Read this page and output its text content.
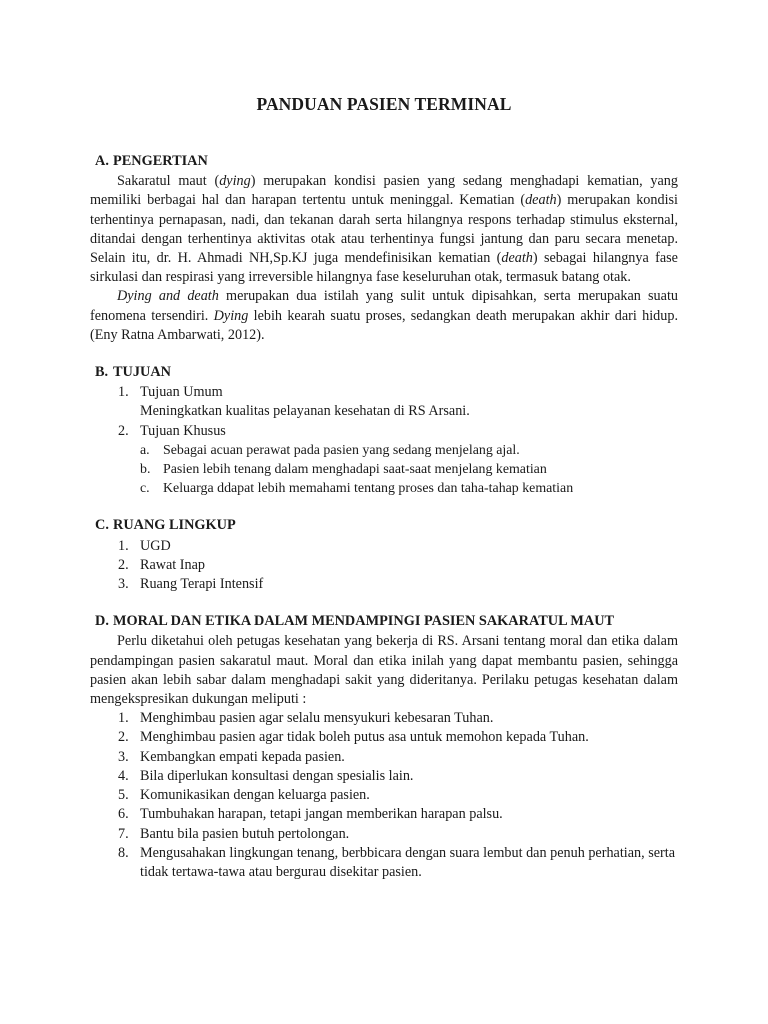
PANDUAN PASIEN TERMINAL
A. PENGERTIAN

Sakaratul maut (dying) merupakan kondisi pasien yang sedang menghadapi kematian, yang memiliki berbagai hal dan harapan tertentu untuk meninggal. Kematian (death) merupakan kondisi terhentinya pernapasan, nadi, dan tekanan darah serta hilangnya respons terhadap stimulus eksternal, ditandai dengan terhentinya aktivitas otak atau terhentinya fungsi jantung dan paru secara menetap. Selain itu, dr. H. Ahmadi NH,Sp.KJ juga mendefinisikan kematian (death) sebagai hilangnya fase sirkulasi dan respirasi yang irreversible hilangnya fase keseluruhan otak, termasuk batang otak.

Dying and death merupakan dua istilah yang sulit untuk dipisahkan, serta merupakan suatu fenomena tersendiri. Dying lebih kearah suatu proses, sedangkan death merupakan akhir dari hidup. (Eny Ratna Ambarwati, 2012).

B. TUJUAN
1. Tujuan Umum
Meningkatkan kualitas pelayanan kesehatan di RS Arsani.
2. Tujuan Khusus
a. Sebagai acuan perawat pada pasien yang sedang menjelang ajal.
b. Pasien lebih tenang dalam menghadapi saat-saat menjelang kematian
c. Keluarga ddapat lebih memahami tentang proses dan taha-tahap kematian
C. RUANG LINGKUP
1. UGD
2. Rawat Inap
3. Ruang Terapi Intensif
D. MORAL DAN ETIKA DALAM MENDAMPINGI PASIEN SAKARATUL MAUT

Perlu diketahui oleh petugas kesehatan yang bekerja di RS. Arsani tentang moral dan etika dalam pendampingan pasien sakaratul maut. Moral dan etika inilah yang dapat membantu pasien, sehingga pasien akan lebih sabar dalam menghadapi sakit yang dideritanya. Perilaku petugas kesehatan dalam mengekspresikan dukungan meliputi :

1. Menghimbau pasien agar selalu mensyukuri kebesaran Tuhan.
2. Menghimbau pasien agar tidak boleh putus asa untuk memohon kepada Tuhan.
3. Kembangkan empati kepada pasien.
4. Bila diperlukan konsultasi dengan spesialis lain.
5. Komunikasikan dengan keluarga pasien.
6. Tumbuhakan harapan, tetapi jangan memberikan harapan palsu.
7. Bantu bila pasien butuh pertolongan.
8. Mengusahakan lingkungan tenang, berbbicara dengan suara lembut dan penuh perhatian, serta tidak tertawa-tawa atau bergurau disekitar pasien.
